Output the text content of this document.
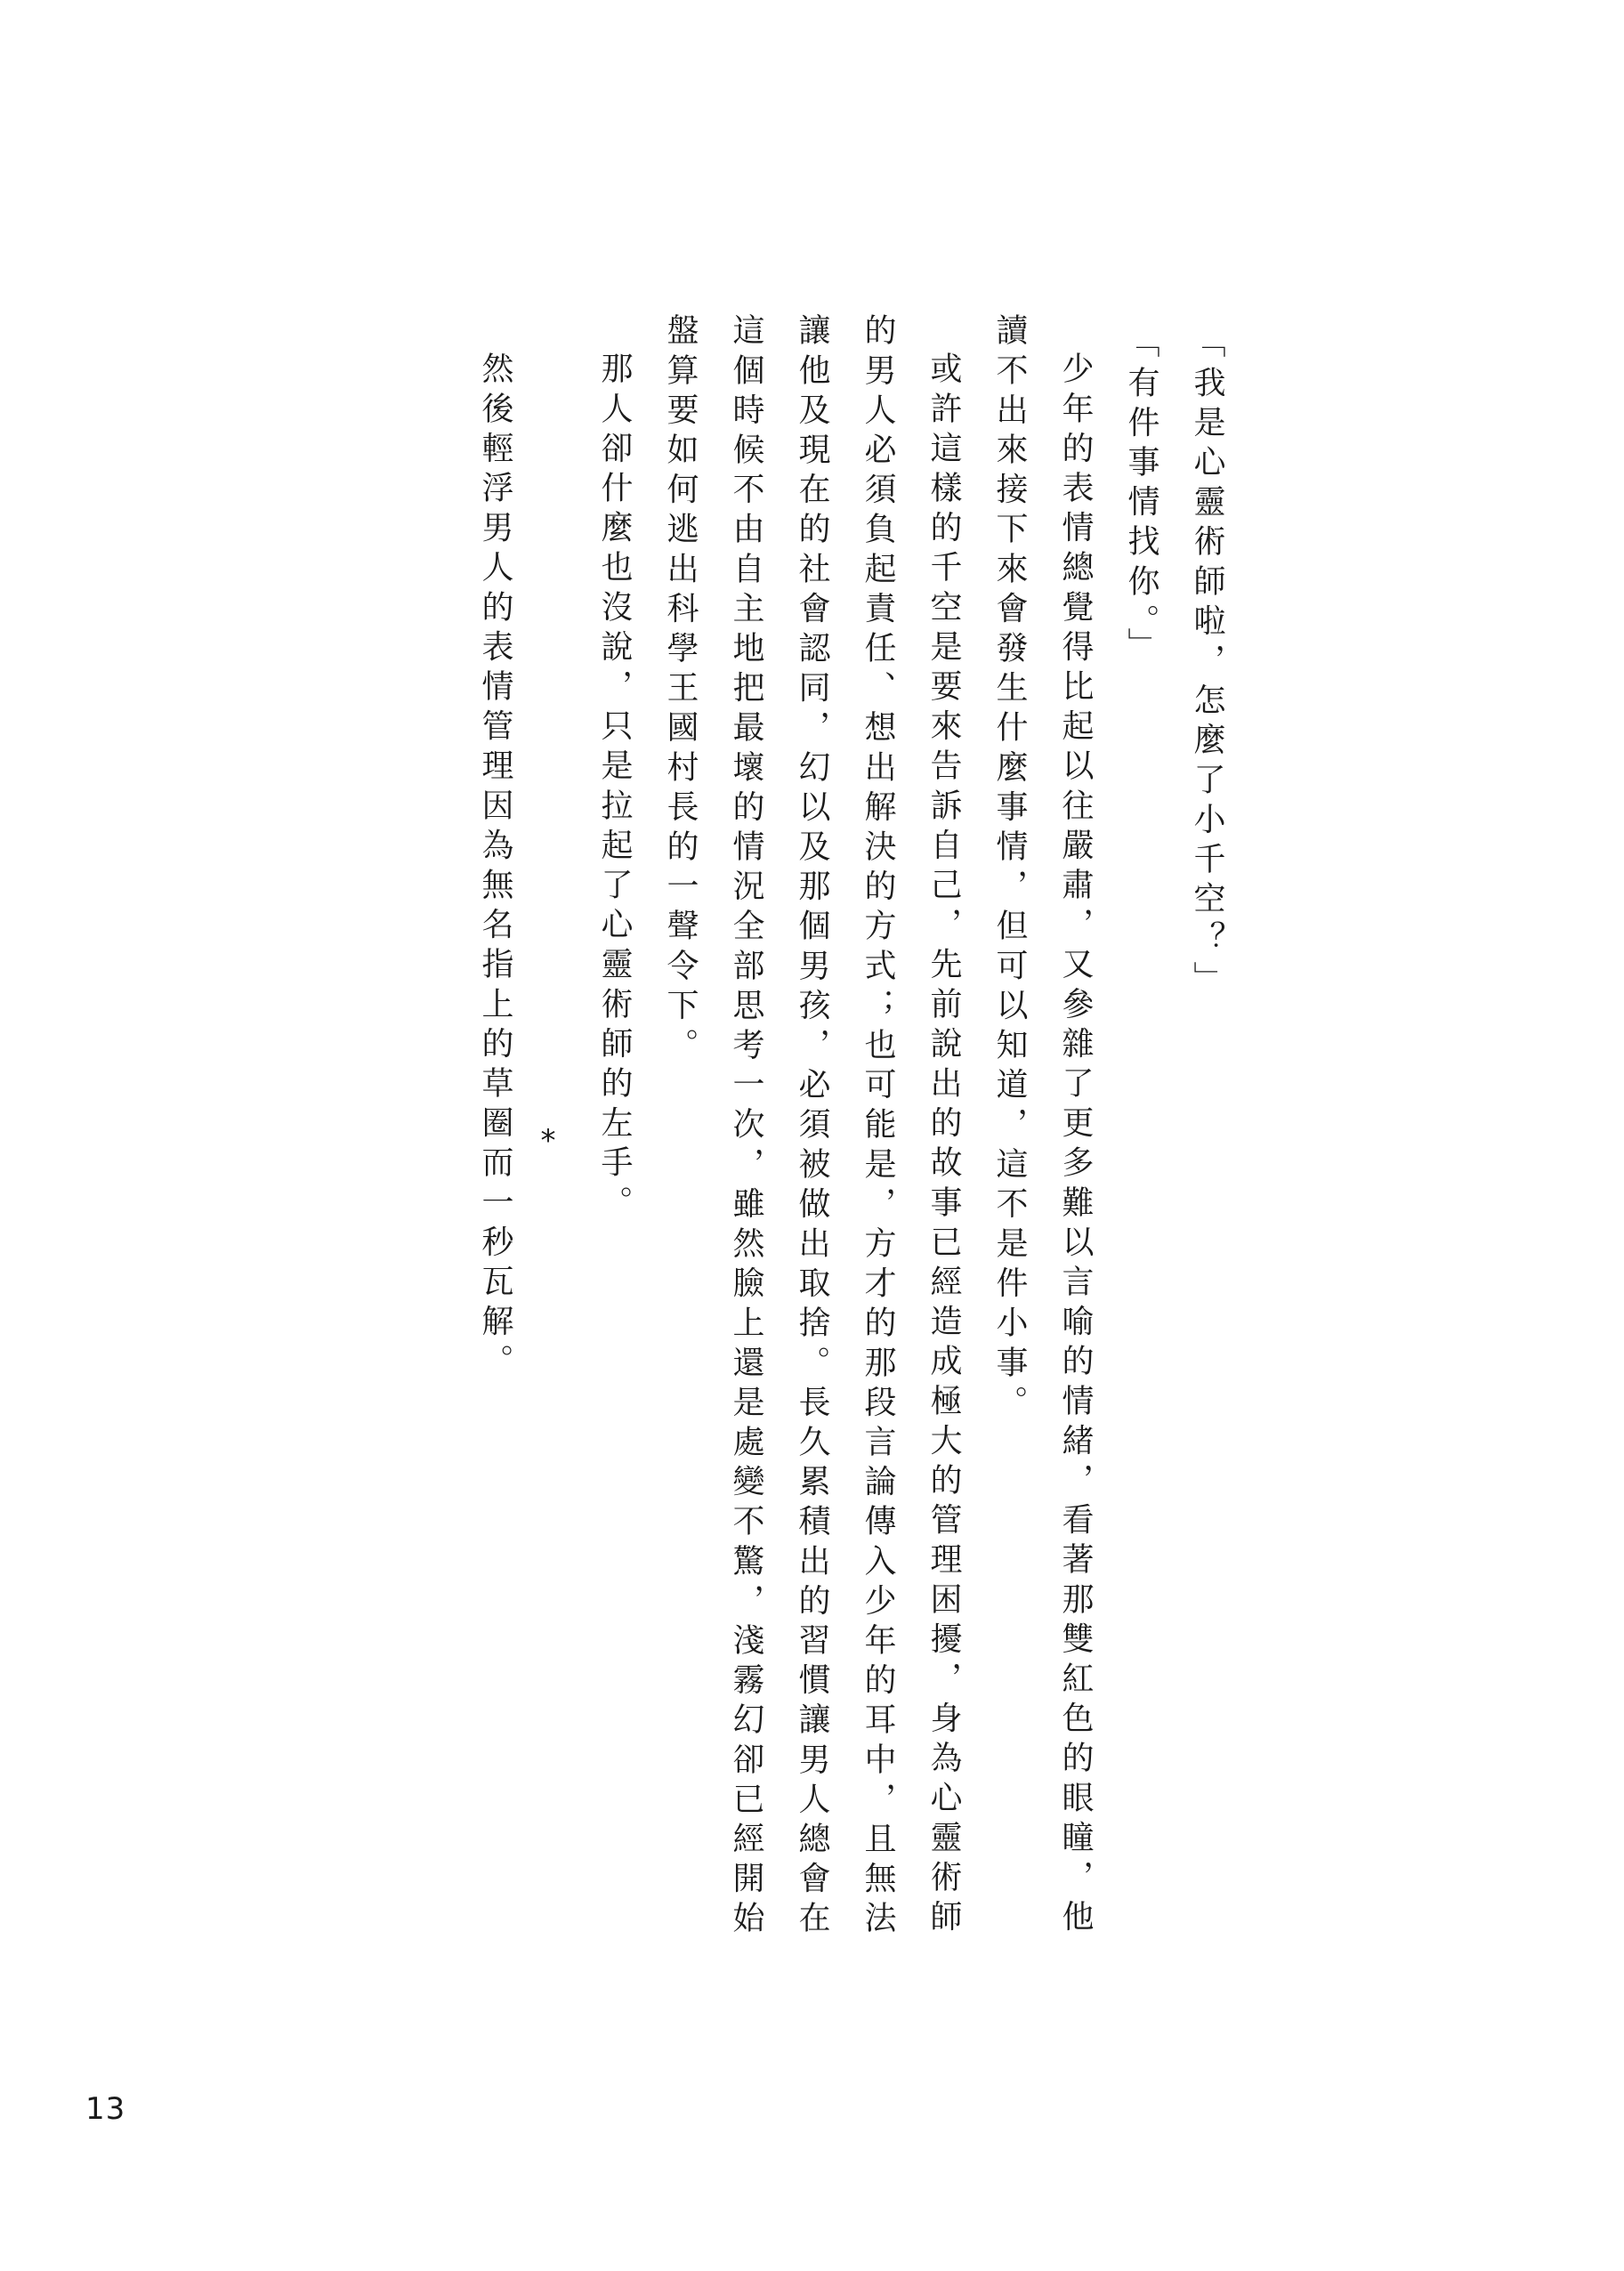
「我是心靈術師啦，怎麼了小千空？」

「有件事情找你。」

少年的表情總覺得比起以往嚴肅，又參雜了更多難以言喻的情緒，看著那雙紅色的眼瞳，他讀不出來接下來會發生什麼事情，但可以知道，這不是件小事。

或許這樣的千空是要來告訴自己，先前說出的故事已經造成極大的管理困擾，身為心靈術師的男人必須負起責任、想出解決的方式；也可能是，方才的那段言論傳入少年的耳中，且無法讓他及現在的社會認同，幻以及那個男孩，必須被做出取捨。長久累積出的習慣讓男人總會在這個時候不由自主地把最壞的情況全部思考一次，雖然臉上還是處變不驚，淺霧幻卻已經開始盤算要如何逃出科學王國村長的一聲令下。

那人卻什麼也沒說，只是拉起了心靈術師的左手。

*

然後輕浮男人的表情管理因為無名指上的草圈而一秒瓦解。

13
